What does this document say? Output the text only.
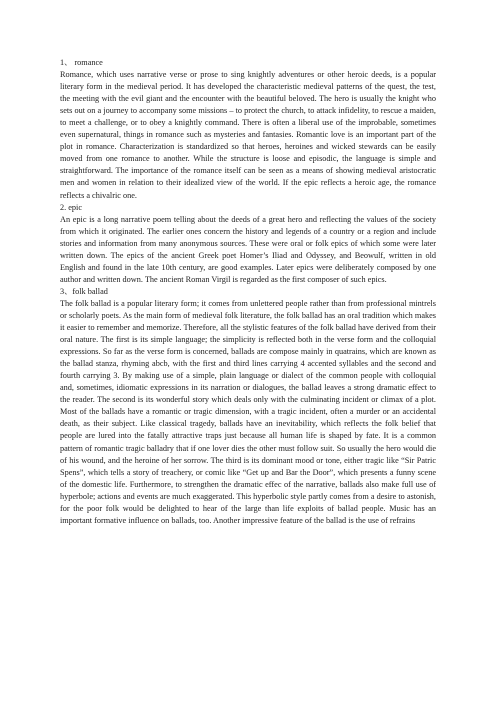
1、 romance

Romance, which uses narrative verse or prose to sing knightly adventures or other heroic deeds, is a popular literary form in the medieval period. It has developed the characteristic medieval patterns of the quest, the test, the meeting with the evil giant and the encounter with the beautiful beloved. The hero is usually the knight who sets out on a journey to accompany some missions – to protect the church, to attack infidelity, to rescue a maiden, to meet a challenge, or to obey a knightly command. There is often a liberal use of the improbable, sometimes even supernatural, things in romance such as mysteries and fantasies. Romantic love is an important part of the plot in romance. Characterization is standardized so that heroes, heroines and wicked stewards can be easily moved from one romance to another. While the structure is loose and episodic, the language is simple and straightforward. The importance of the romance itself can be seen as a means of showing medieval aristocratic men and women in relation to their idealized view of the world. If the epic reflects a heroic age, the romance reflects a chivalric one.

2. epic

An epic is a long narrative poem telling about the deeds of a great hero and reflecting the values of the society from which it originated. The earlier ones concern the history and legends of a country or a region and include stories and information from many anonymous sources. These were oral or folk epics of which some were later written down. The epics of the ancient Greek poet Homer’s Iliad and Odyssey, and Beowulf, written in old English and found in the late 10th century, are good examples. Later epics were deliberately composed by one author and written down. The ancient Roman Virgil is regarded as the first composer of such epics.

3、folk ballad

The folk ballad is a popular literary form; it comes from unlettered people rather than from professional mintrels or scholarly poets. As the main form of medieval folk literature, the folk ballad has an oral tradition which makes it easier to remember and memorize. Therefore, all the stylistic features of the folk ballad have derived from their oral nature. The first is its simple language; the simplicity is reflected both in the verse form and the colloquial expressions. So far as the verse form is concerned, ballads are compose mainly in quatrains, which are known as the ballad stanza, rhyming abcb, with the first and third lines carrying 4 accented syllables and the second and fourth carrying 3. By making use of a simple, plain language or dialect of the common people with colloquial and, sometimes, idiomatic expressions in its narration or dialogues, the ballad leaves a strong dramatic effect to the reader. The second is its wonderful story which deals only with the culminating incident or climax of a plot. Most of the ballads have a romantic or tragic dimension, with a tragic incident, often a murder or an accidental death, as their subject. Like classical tragedy, ballads have an inevitability, which reflects the folk belief that people are lured into the fatally attractive traps just because all human life is shaped by fate. It is a common pattern of romantic tragic balladry that if one lover dies the other must follow suit. So usually the hero would die of his wound, and the heroine of her sorrow. The third is its dominant mood or tone, either tragic like “Sir Patric Spens”, which tells a story of treachery, or comic like “Get up and Bar the Door”, which presents a funny scene of the domestic life. Furthermore, to strengthen the dramatic effec of the narrative, ballads also make full use of hyperbole; actions and events are much exaggerated. This hyperbolic style partly comes from a desire to astonish, for the poor folk would be delighted to hear of the large than life exploits of ballad people. Music has an important formative influence on ballads, too. Another impressive feature of the ballad is the use of refrains
